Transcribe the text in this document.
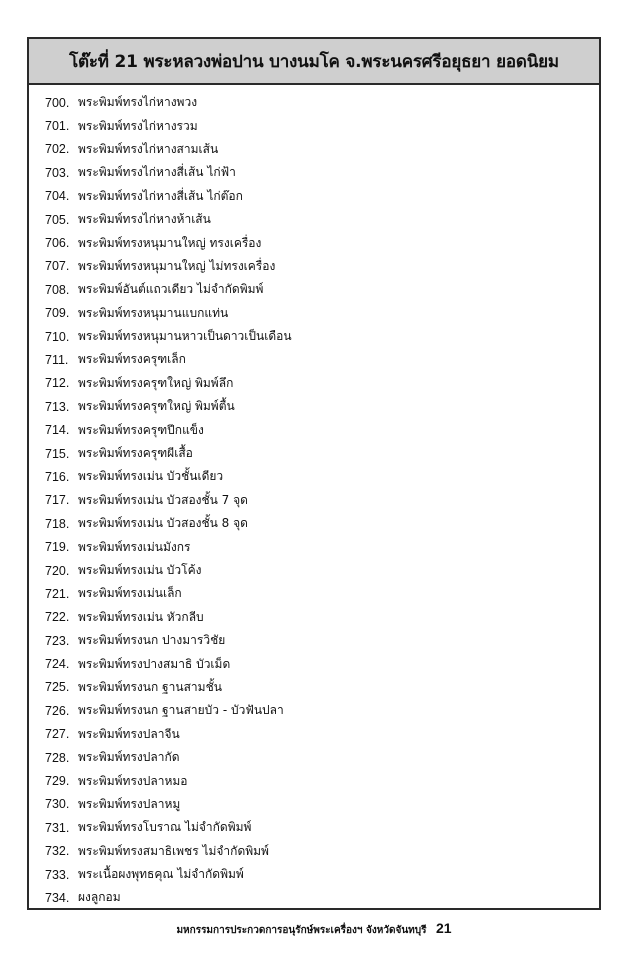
โต๊ะที่ 21 พระหลวงพ่อปาน บางนมโค จ.พระนครศรีอยุธยา ยอดนิยม
700. พระพิมพ์ทรงไก่หางพวง
701. พระพิมพ์ทรงไก่หางรวม
702. พระพิมพ์ทรงไก่หางสามเส้น
703. พระพิมพ์ทรงไก่หางสี่เส้น ไก่ฟ้า
704. พระพิมพ์ทรงไก่หางสี่เส้น ไก่ต๊อก
705. พระพิมพ์ทรงไก่หางห้าเส้น
706. พระพิมพ์ทรงหนุมานใหญ่ ทรงเครื่อง
707. พระพิมพ์ทรงหนุมานใหญ่ ไม่ทรงเครื่อง
708. พระพิมพ์อันต์แถวเดียว ไม่จำกัดพิมพ์
709. พระพิมพ์ทรงหนุมานแบกแท่น
710. พระพิมพ์ทรงหนุมานหาวเป็นดาวเป็นเดือน
711. พระพิมพ์ทรงครุฑเล็ก
712. พระพิมพ์ทรงครุฑใหญ่ พิมพ์ลึก
713. พระพิมพ์ทรงครุฑใหญ่ พิมพ์ตื้น
714. พระพิมพ์ทรงครุฑปีกแข็ง
715. พระพิมพ์ทรงครุฑผีเสื้อ
716. พระพิมพ์ทรงเม่น บัวชั้นเดียว
717. พระพิมพ์ทรงเม่น บัวสองชั้น 7 จุด
718. พระพิมพ์ทรงเม่น บัวสองชั้น 8 จุด
719. พระพิมพ์ทรงเม่นมังกร
720. พระพิมพ์ทรงเม่น บัวโค้ง
721. พระพิมพ์ทรงเม่นเล็ก
722. พระพิมพ์ทรงเม่น หัวกลีบ
723. พระพิมพ์ทรงนก ปางมารวิชัย
724. พระพิมพ์ทรงปางสมาธิ บัวเม็ด
725. พระพิมพ์ทรงนก ฐานสามชั้น
726. พระพิมพ์ทรงนก ฐานสายบัว - บัวฟันปลา
727. พระพิมพ์ทรงปลาจีน
728. พระพิมพ์ทรงปลากัด
729. พระพิมพ์ทรงปลาหมอ
730. พระพิมพ์ทรงปลาหมู
731. พระพิมพ์ทรงโบราณ ไม่จำกัดพิมพ์
732. พระพิมพ์ทรงสมาธิเพชร ไม่จำกัดพิมพ์
733. พระเนื้อผงพุทธคุณ ไม่จำกัดพิมพ์
734. ผงลูกอม
มหกรรมการประกวดการอนุรักษ์พระเครื่องฯ จังหวัดจันทบุรี 21
